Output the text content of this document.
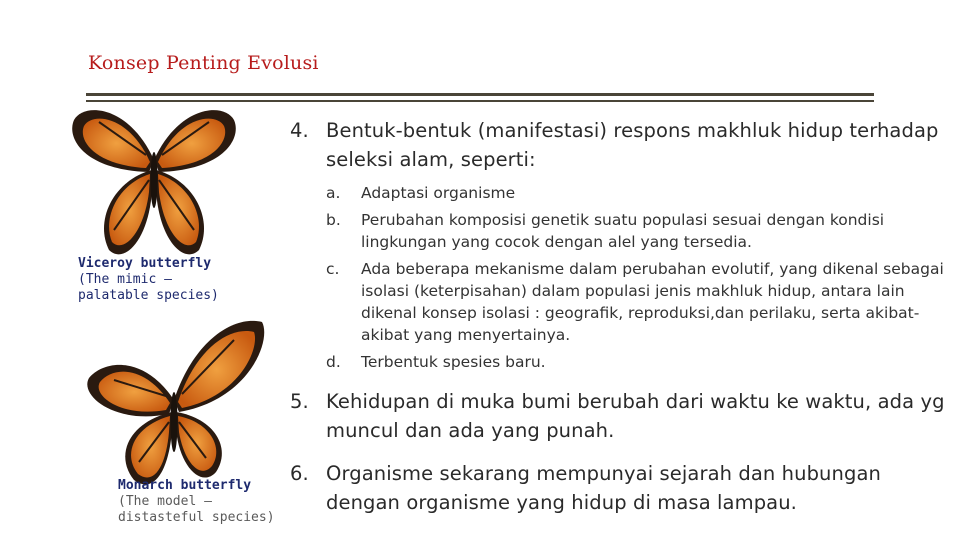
Konsep Penting Evolusi
Viceroy butterfly
(The mimic –
palatable species)
Monarch butterfly
(The model –
distasteful species)
4. Bentuk-bentuk (manifestasi) respons makhluk hidup terhadap seleksi alam, seperti:
a.	Adaptasi organisme
b.	Perubahan komposisi genetik suatu populasi sesuai dengan kondisi lingkungan yang cocok dengan alel yang tersedia.
c.	Ada beberapa mekanisme dalam perubahan evolutif, yang dikenal sebagai isolasi (keterpisahan) dalam populasi jenis makhluk hidup, antara lain dikenal konsep isolasi : geografik, reproduksi,dan perilaku, serta akibat-akibat yang menyertainya.
d.	Terbentuk spesies baru.
5. Kehidupan di muka bumi berubah dari waktu ke waktu, ada yg muncul dan ada yang punah.
6. Organisme sekarang mempunyai sejarah dan hubungan dengan organisme yang hidup di masa lampau.
